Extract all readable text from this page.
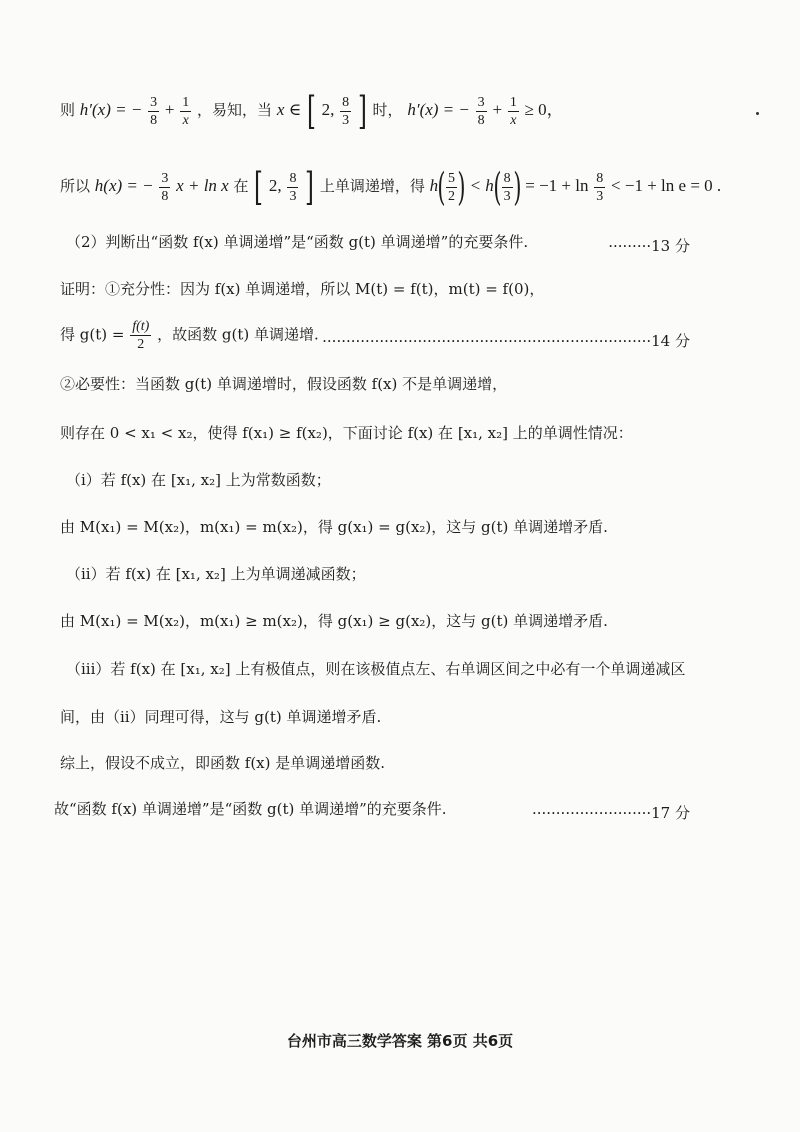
则 h′(x) = − $\frac{3}{8} + \frac{1}{x}$ ，易知，当 x ∈ [ 2, $\frac{8}{3}$ ] 时， h′(x) = − $\frac{3}{8} + \frac{1}{x} \ge 0$，
所以 h(x) = − $\frac{3}{8}$ x + ln x 在 [ 2, $\frac{8}{3}$ ] 上单调递增，得 $h( \frac{5}{2}$ ) < $h( \frac{8}{3}$ ) = $-1 + \ln \frac{8}{3} < -1 + \ln e = 0$ .
（2）判断出“函数 f(x) 单调递增”是“函数 g(t) 单调递增”的充要条件.	·········13 分
证明：①充分性：因为 f(x) 单调递增，所以 M(t) = f(t)，m(t) = f(0)，
得 $g(t) = \frac{f(t)}{2}$ ，故函数 g(t) 单调递增. ·····································································14 分
②必要性：当函数 g(t) 单调递增时，假设函数 f(x) 不是单调递增，
则存在 0 < x₁ < x₂，使得 f(x₁) ≥ f(x₂)，下面讨论 f(x) 在 [x₁, x₂] 上的单调性情况：
（i）若 f(x) 在 [x₁, x₂] 上为常数函数；
由 M(x₁) = M(x₂)，m(x₁) = m(x₂)，得 g(x₁) = g(x₂)，这与 g(t) 单调递增矛盾.
（ii）若 f(x) 在 [x₁, x₂] 上为单调递减函数；
由 M(x₁) = M(x₂)，m(x₁) ≥ m(x₂)，得 g(x₁) ≥ g(x₂)，这与 g(t) 单调递增矛盾.
（iii）若 f(x) 在 [x₁, x₂] 上有极值点，则在该极值点左、右单调区间之中必有一个单调递减区
间，由（ii）同理可得，这与 g(t) 单调递增矛盾.
综上，假设不成立，即函数 f(x) 是单调递增函数.
故“函数 f(x) 单调递增”是“函数 g(t) 单调递增”的充要条件.	·························17 分
台州市高三数学答案 第6页 共6页
